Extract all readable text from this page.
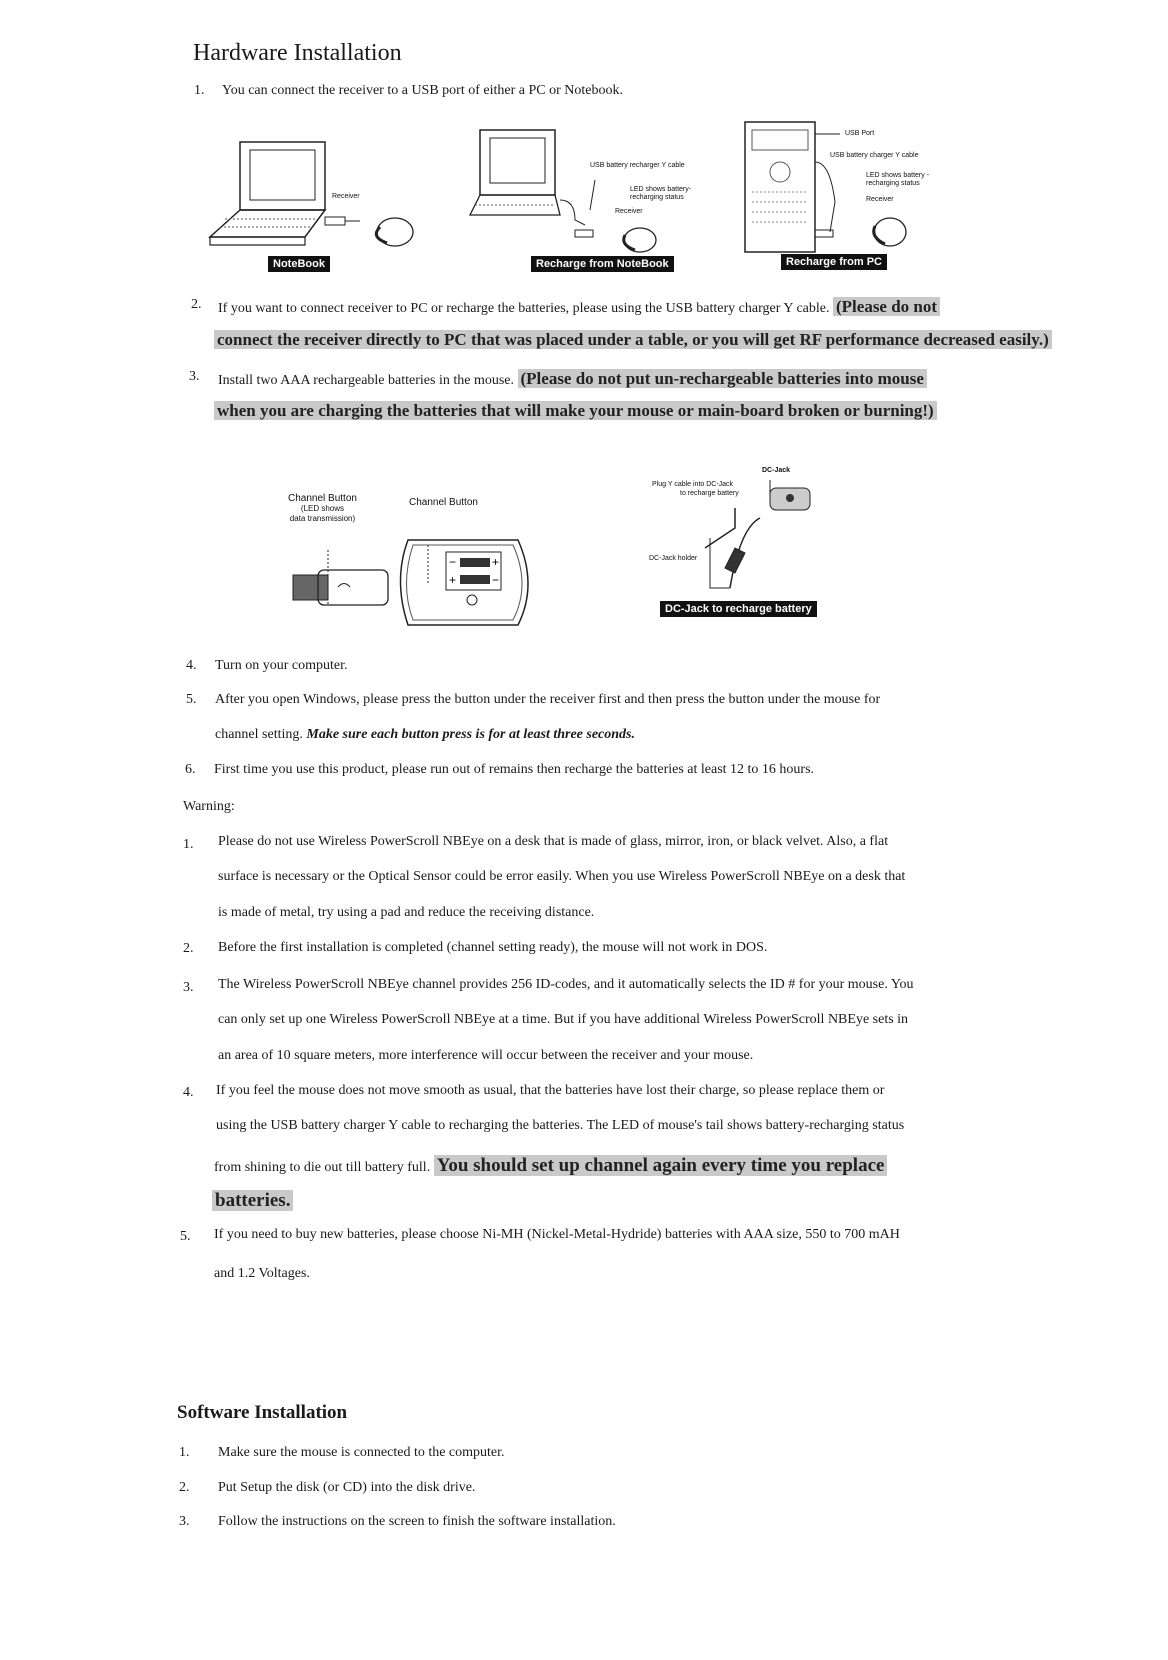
Hardware Installation
1. You can connect the receiver to a USB port of either a PC or Notebook.
Receiver
NoteBook
USB battery recharger Y cable
LED shows battery-
recharging status
Receiver
Recharge from NoteBook
USB Port
USB battery charger Y cable
LED shows battery -
recharging status
Receiver
Recharge from PC
2. If you want to connect receiver to PC or recharge the batteries, please using the USB battery charger Y cable. (Please do not
connect the receiver directly to PC that was placed under a table, or you will get RF performance decreased easily.)
3. Install two AAA rechargeable batteries in the mouse. (Please do not put un-rechargeable batteries into mouse
when you are charging the batteries that will make your mouse or main-board broken or burning!)
Channel Button
(LED shows
data transmission)
Channel Button
−	+
+	−
DC-Jack
Plug Y cable into DC-Jack
to recharge battery
DC-Jack holder
DC-Jack to recharge battery
4. Turn on your computer.
5. After you open Windows, please press the button under the receiver first and then press the button under the mouse for
channel setting. Make sure each button press is for at least three seconds.
6. First time you use this product, please run out of remains then recharge the batteries at least 12 to 16 hours.
Warning:
1. Please do not use Wireless PowerScroll NBEye on a desk that is made of glass, mirror, iron, or black velvet. Also, a flat
surface is necessary or the Optical Sensor could be error easily. When you use Wireless PowerScroll NBEye on a desk that
is made of metal, try using a pad and reduce the receiving distance.
2. Before the first installation is completed (channel setting ready), the mouse will not work in DOS.
3. The Wireless PowerScroll NBEye channel provides 256 ID-codes, and it automatically selects the ID # for your mouse. You
can only set up one Wireless PowerScroll NBEye at a time. But if you have additional Wireless PowerScroll NBEye sets in
an area of 10 square meters, more interference will occur between the receiver and your mouse.
4. If you feel the mouse does not move smooth as usual, that the batteries have lost their charge, so please replace them or
using the USB battery charger Y cable to recharging the batteries. The LED of mouse's tail shows battery-recharging status
from shining to die out till battery full. You should set up channel again every time you replace
batteries.
5. If you need to buy new batteries, please choose Ni-MH (Nickel-Metal-Hydride) batteries with AAA size, 550 to 700 mAH
and 1.2 Voltages.
Software Installation
1. Make sure the mouse is connected to the computer.
2. Put Setup the disk (or CD) into the disk drive.
3. Follow the instructions on the screen to finish the software installation.
